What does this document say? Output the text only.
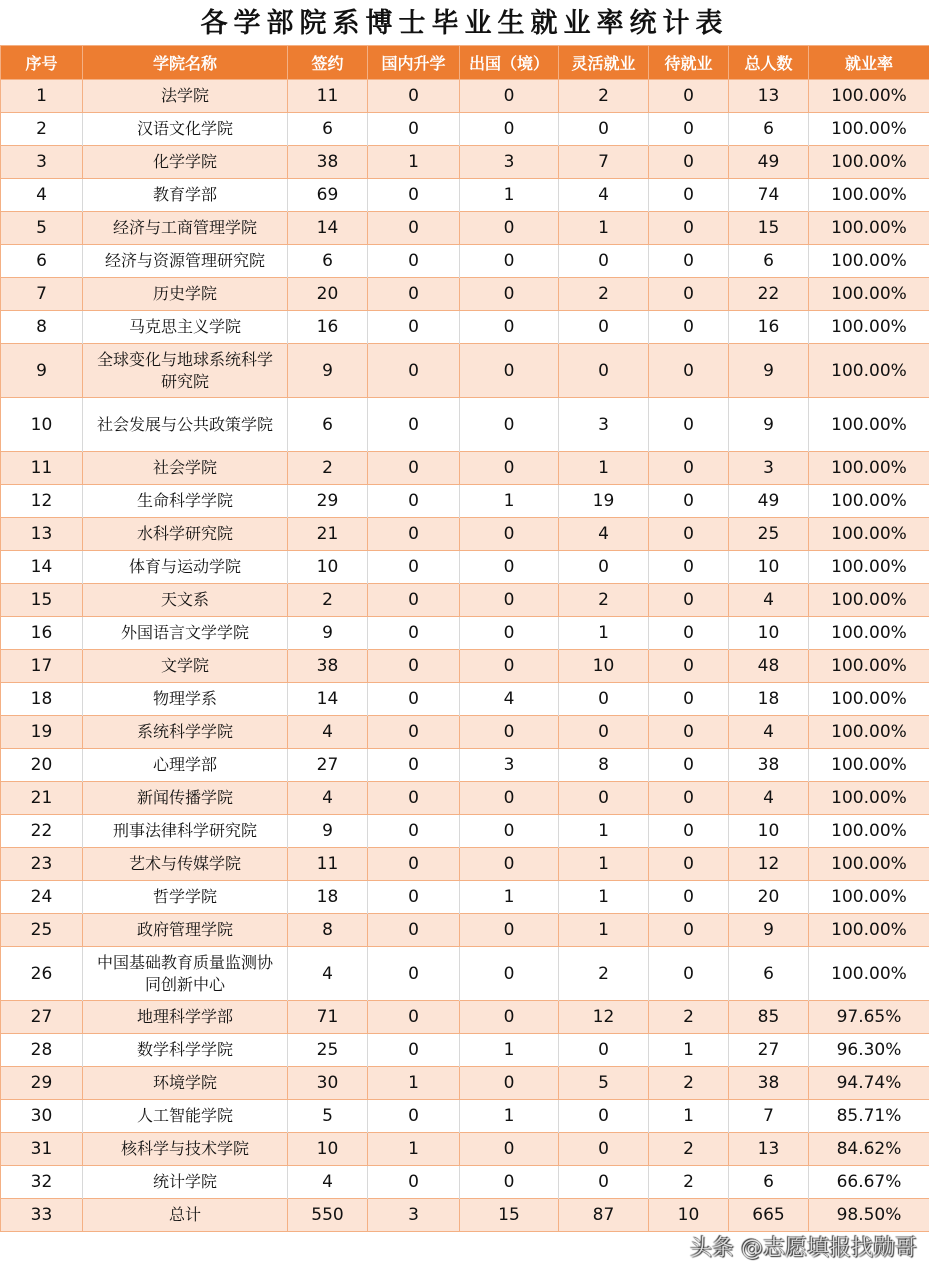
各学部院系博士毕业生就业率统计表
序号	学院名称	签约	国内升学	出国（境）	灵活就业	待就业	总人数	就业率
1	法学院	11	0	0	2	0	13	100.00%
2	汉语文化学院	6	0	0	0	0	6	100.00%
3	化学学院	38	1	3	7	0	49	100.00%
4	教育学部	69	0	1	4	0	74	100.00%
5	经济与工商管理学院	14	0	0	1	0	15	100.00%
6	经济与资源管理研究院	6	0	0	0	0	6	100.00%
7	历史学院	20	0	0	2	0	22	100.00%
8	马克思主义学院	16	0	0	0	0	16	100.00%
9	全球变化与地球系统科学研究院	9	0	0	0	0	9	100.00%
10	社会发展与公共政策学院	6	0	0	3	0	9	100.00%
11	社会学院	2	0	0	1	0	3	100.00%
12	生命科学学院	29	0	1	19	0	49	100.00%
13	水科学研究院	21	0	0	4	0	25	100.00%
14	体育与运动学院	10	0	0	0	0	10	100.00%
15	天文系	2	0	0	2	0	4	100.00%
16	外国语言文学学院	9	0	0	1	0	10	100.00%
17	文学院	38	0	0	10	0	48	100.00%
18	物理学系	14	0	4	0	0	18	100.00%
19	系统科学学院	4	0	0	0	0	4	100.00%
20	心理学部	27	0	3	8	0	38	100.00%
21	新闻传播学院	4	0	0	0	0	4	100.00%
22	刑事法律科学研究院	9	0	0	1	0	10	100.00%
23	艺术与传媒学院	11	0	0	1	0	12	100.00%
24	哲学学院	18	0	1	1	0	20	100.00%
25	政府管理学院	8	0	0	1	0	9	100.00%
26	中国基础教育质量监测协同创新中心	4	0	0	2	0	6	100.00%
27	地理科学学部	71	0	0	12	2	85	97.65%
28	数学科学学院	25	0	1	0	1	27	96.30%
29	环境学院	30	1	0	5	2	38	94.74%
30	人工智能学院	5	0	1	0	1	7	85.71%
31	核科学与技术学院	10	1	0	0	2	13	84.62%
32	统计学院	4	0	0	0	2	6	66.67%
33	总计	550	3	15	87	10	665	98.50%
头条 @志愿填报找勋哥
